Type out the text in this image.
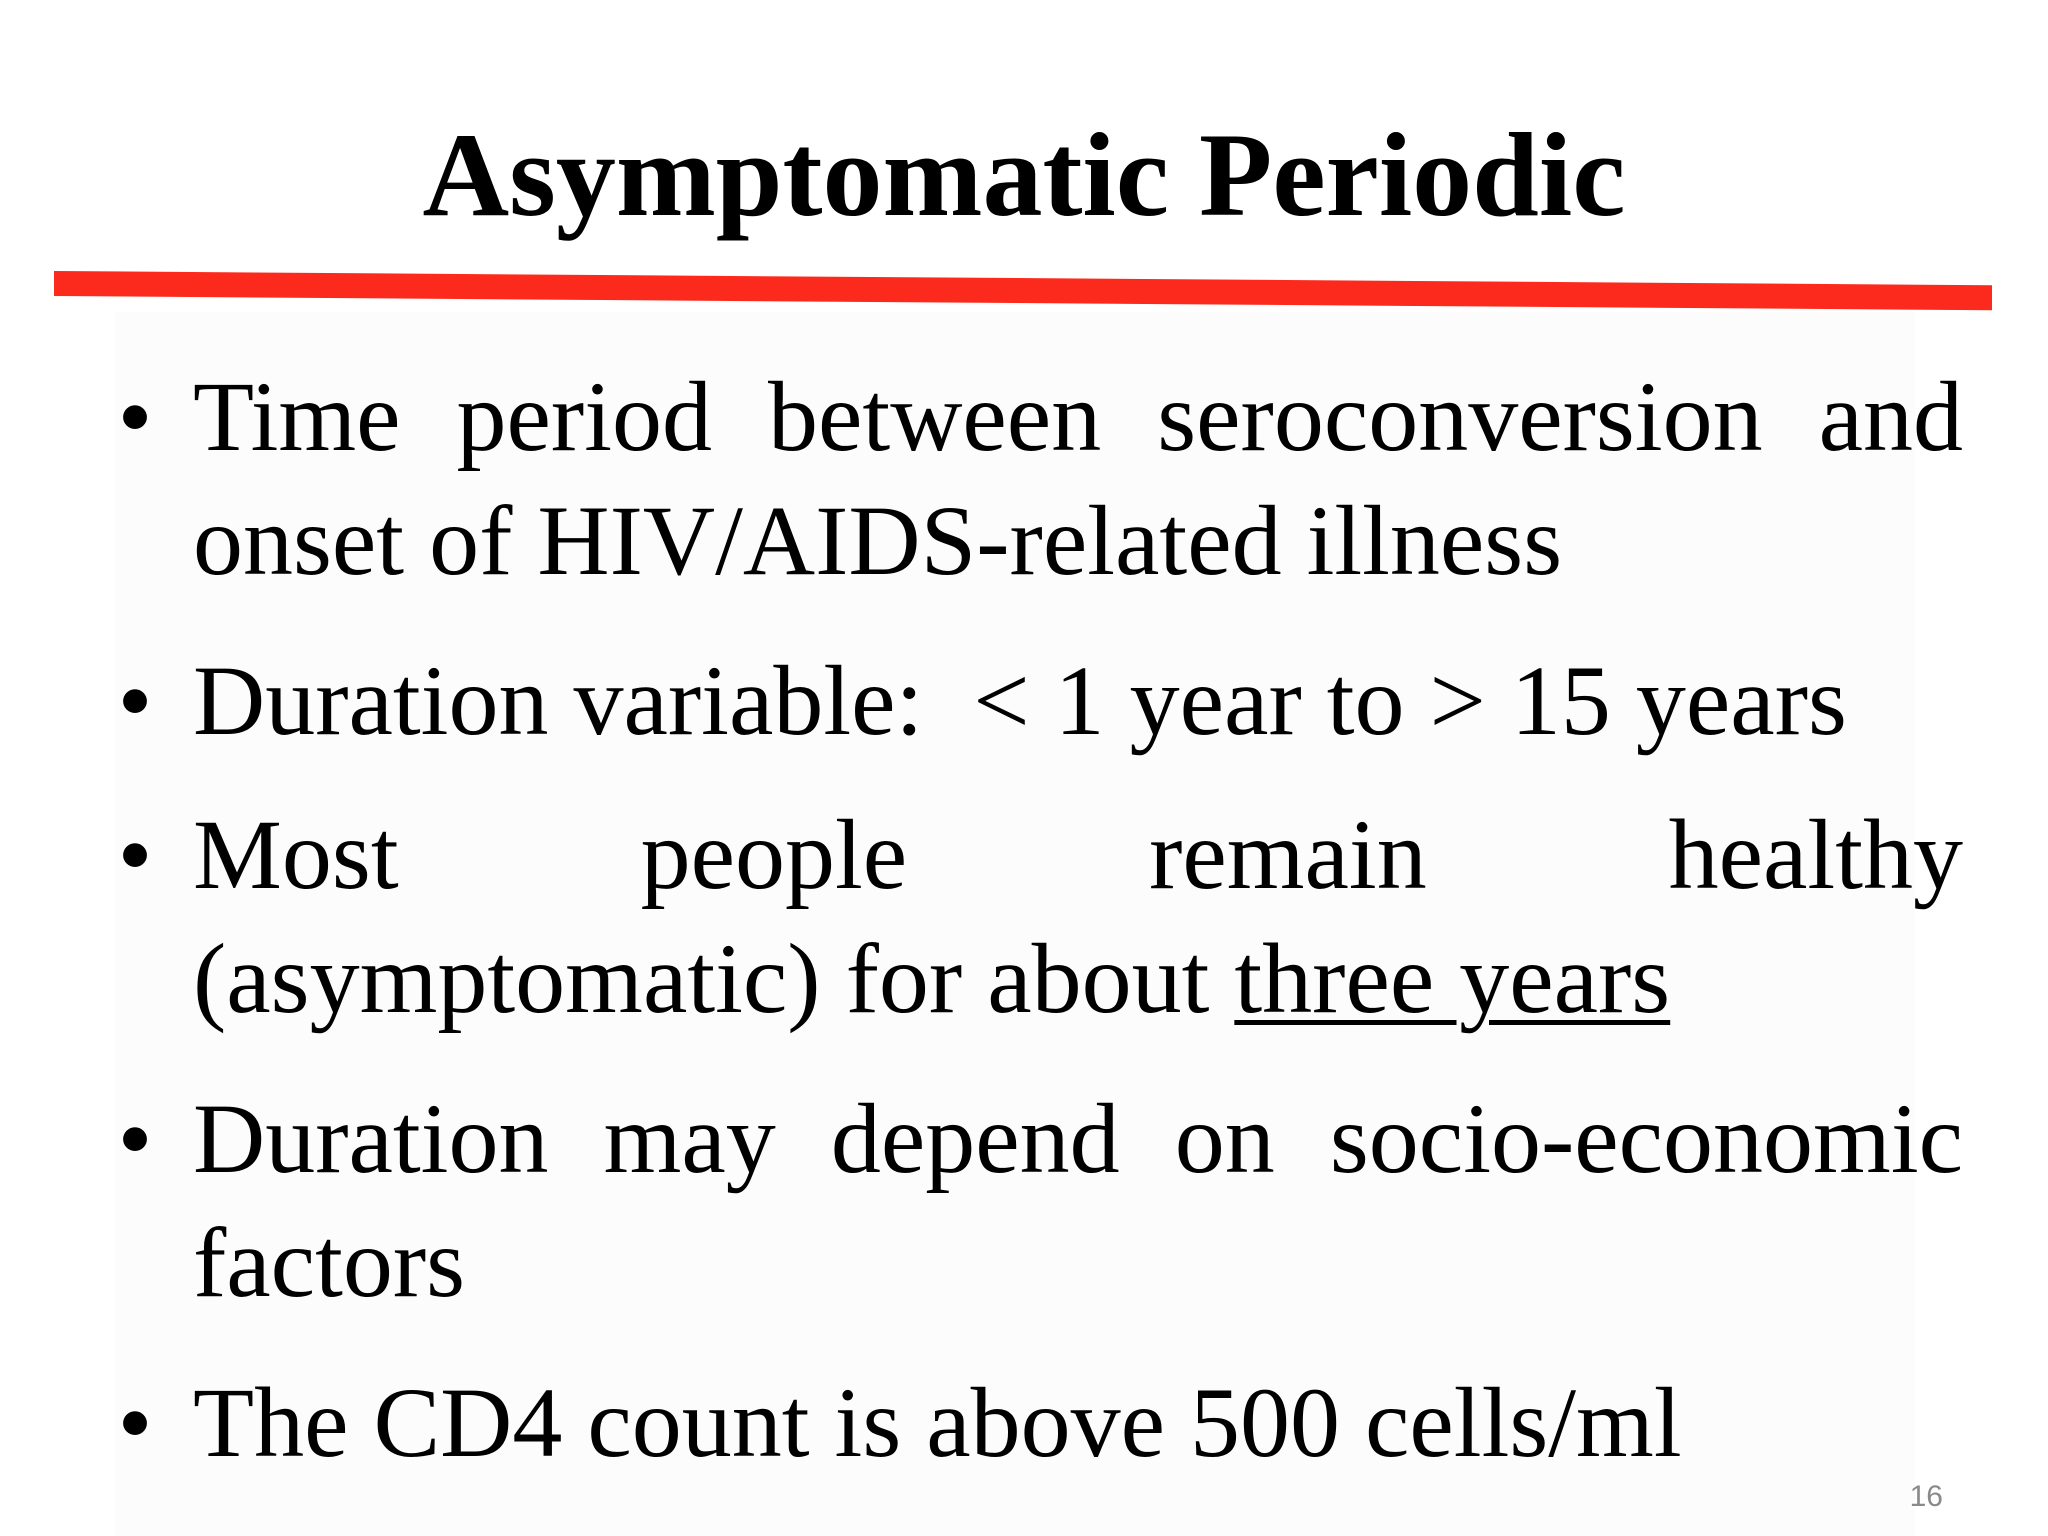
Asymptomatic Periodic
• Time period between seroconversion and onset of HIV/AIDS-related illness
• Duration variable:  < 1 year to > 15 years
• Most people remain healthy (asymptomatic) for about three years
• Duration may depend on socio-economic factors
• The CD4 count is above 500 cells/ml
16
